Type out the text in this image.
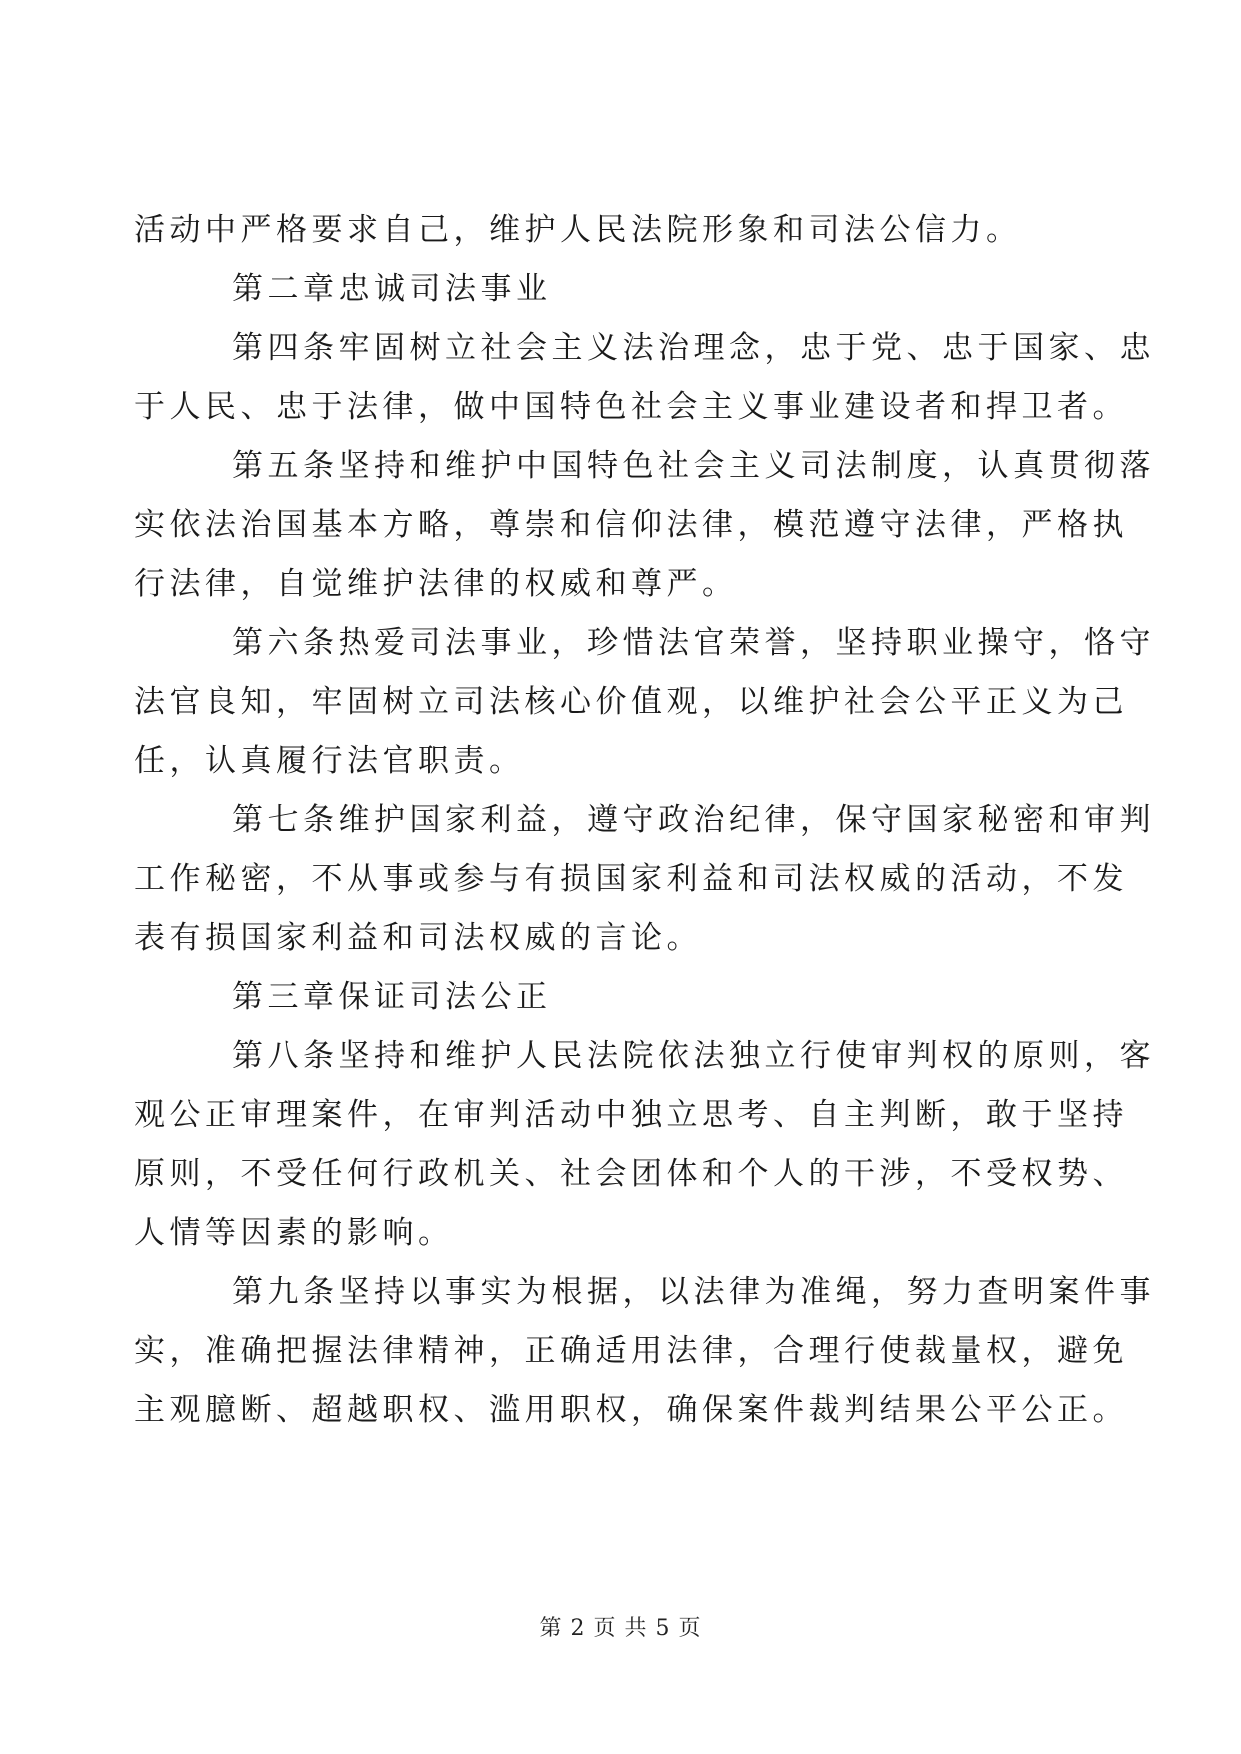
活动中严格要求自己，维护人民法院形象和司法公信力。
第二章忠诚司法事业
第四条牢固树立社会主义法治理念，忠于党、忠于国家、忠
于人民、忠于法律，做中国特色社会主义事业建设者和捍卫者。
第五条坚持和维护中国特色社会主义司法制度，认真贯彻落
实依法治国基本方略，尊崇和信仰法律，模范遵守法律，严格执
行法律，自觉维护法律的权威和尊严。
第六条热爱司法事业，珍惜法官荣誉，坚持职业操守，恪守
法官良知，牢固树立司法核心价值观，以维护社会公平正义为己
任，认真履行法官职责。
第七条维护国家利益，遵守政治纪律，保守国家秘密和审判
工作秘密，不从事或参与有损国家利益和司法权威的活动，不发
表有损国家利益和司法权威的言论。
第三章保证司法公正
第八条坚持和维护人民法院依法独立行使审判权的原则，客
观公正审理案件，在审判活动中独立思考、自主判断，敢于坚持
原则，不受任何行政机关、社会团体和个人的干涉，不受权势、
人情等因素的影响。
第九条坚持以事实为根据，以法律为准绳，努力查明案件事
实，准确把握法律精神，正确适用法律，合理行使裁量权，避免
主观臆断、超越职权、滥用职权，确保案件裁判结果公平公正。
第 2 页 共 5 页
